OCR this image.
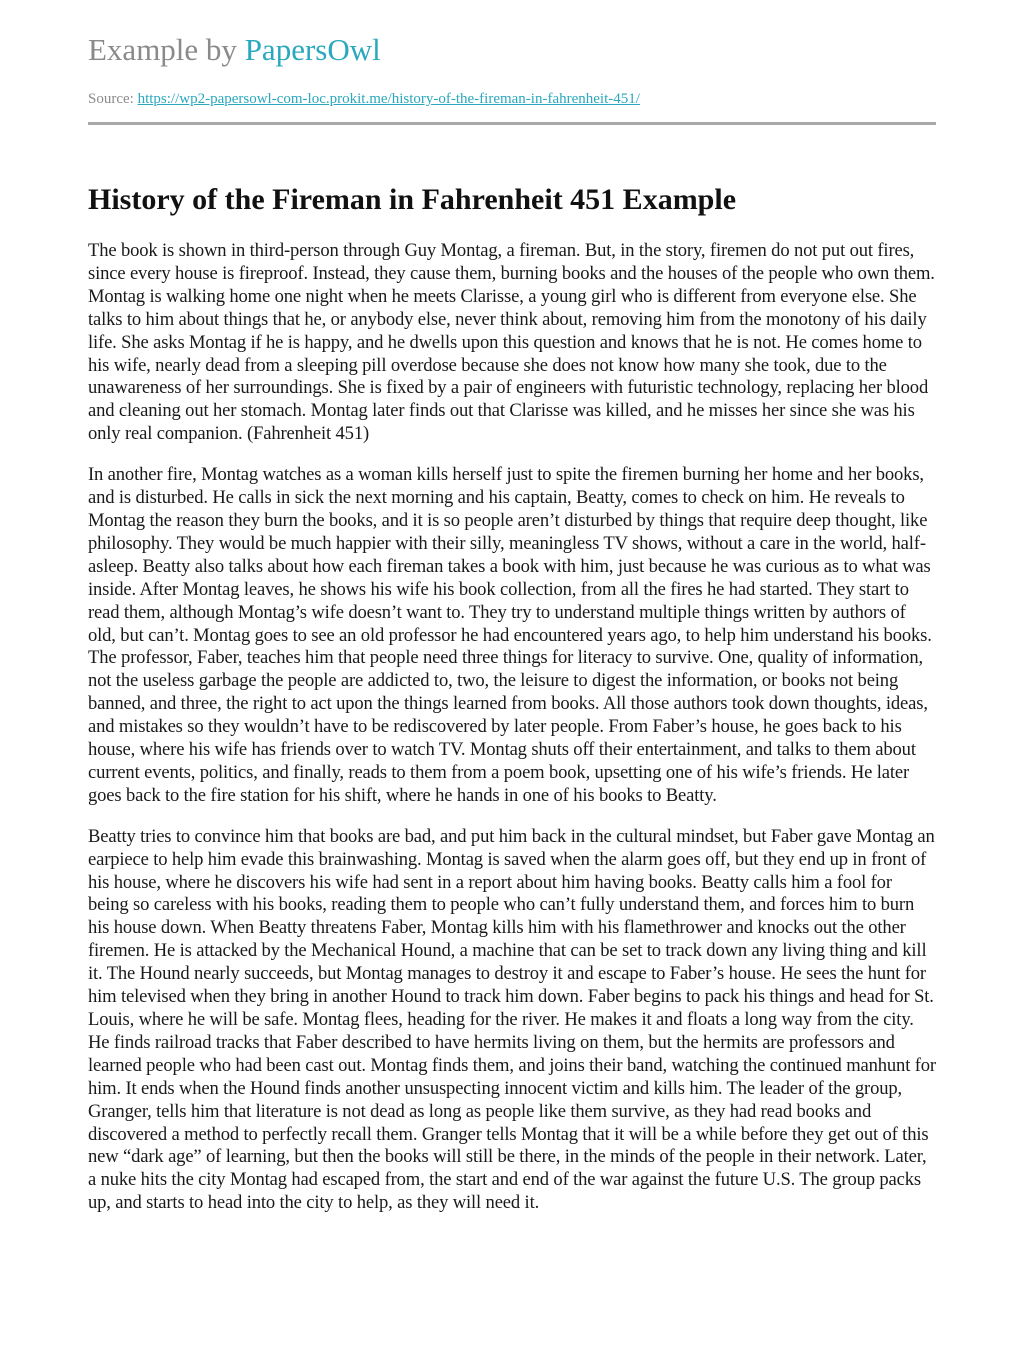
Example by PapersOwl
Source: https://wp2-papersowl-com-loc.prokit.me/history-of-the-fireman-in-fahrenheit-451/
History of the Fireman in Fahrenheit 451 Example

The book is shown in third-person through Guy Montag, a fireman. But, in the story, firemen do not put out fires, since every house is fireproof. Instead, they cause them, burning books and the houses of the people who own them. Montag is walking home one night when he meets Clarisse, a young girl who is different from everyone else. She talks to him about things that he, or anybody else, never think about, removing him from the monotony of his daily life. She asks Montag if he is happy, and he dwells upon this question and knows that he is not. He comes home to his wife, nearly dead from a sleeping pill overdose because she does not know how many she took, due to the unawareness of her surroundings. She is fixed by a pair of engineers with futuristic technology, replacing her blood and cleaning out her stomach. Montag later finds out that Clarisse was killed, and he misses her since she was his only real companion. (Fahrenheit 451)

In another fire, Montag watches as a woman kills herself just to spite the firemen burning her home and her books, and is disturbed. He calls in sick the next morning and his captain, Beatty, comes to check on him. He reveals to Montag the reason they burn the books, and it is so people aren’t disturbed by things that require deep thought, like philosophy. They would be much happier with their silly, meaningless TV shows, without a care in the world, half-asleep. Beatty also talks about how each fireman takes a book with him, just because he was curious as to what was inside. After Montag leaves, he shows his wife his book collection, from all the fires he had started. They start to read them, although Montag’s wife doesn’t want to. They try to understand multiple things written by authors of old, but can’t. Montag goes to see an old professor he had encountered years ago, to help him understand his books. The professor, Faber, teaches him that people need three things for literacy to survive. One, quality of information, not the useless garbage the people are addicted to, two, the leisure to digest the information, or books not being banned, and three, the right to act upon the things learned from books. All those authors took down thoughts, ideas, and mistakes so they wouldn’t have to be rediscovered by later people. From Faber’s house, he goes back to his house, where his wife has friends over to watch TV. Montag shuts off their entertainment, and talks to them about current events, politics, and finally, reads to them from a poem book, upsetting one of his wife’s friends. He later goes back to the fire station for his shift, where he hands in one of his books to Beatty.

Beatty tries to convince him that books are bad, and put him back in the cultural mindset, but Faber gave Montag an earpiece to help him evade this brainwashing. Montag is saved when the alarm goes off, but they end up in front of his house, where he discovers his wife had sent in a report about him having books. Beatty calls him a fool for being so careless with his books, reading them to people who can’t fully understand them, and forces him to burn his house down. When Beatty threatens Faber, Montag kills him with his flamethrower and knocks out the other firemen. He is attacked by the Mechanical Hound, a machine that can be set to track down any living thing and kill it. The Hound nearly succeeds, but Montag manages to destroy it and escape to Faber’s house. He sees the hunt for him televised when they bring in another Hound to track him down. Faber begins to pack his things and head for St. Louis, where he will be safe. Montag flees, heading for the river. He makes it and floats a long way from the city. He finds railroad tracks that Faber described to have hermits living on them, but the hermits are professors and learned people who had been cast out. Montag finds them, and joins their band, watching the continued manhunt for him. It ends when the Hound finds another unsuspecting innocent victim and kills him. The leader of the group, Granger, tells him that literature is not dead as long as people like them survive, as they had read books and discovered a method to perfectly recall them. Granger tells Montag that it will be a while before they get out of this new “dark age” of learning, but then the books will still be there, in the minds of the people in their network. Later, a nuke hits the city Montag had escaped from, the start and end of the war against the future U.S. The group packs up, and starts to head into the city to help, as they will need it.
